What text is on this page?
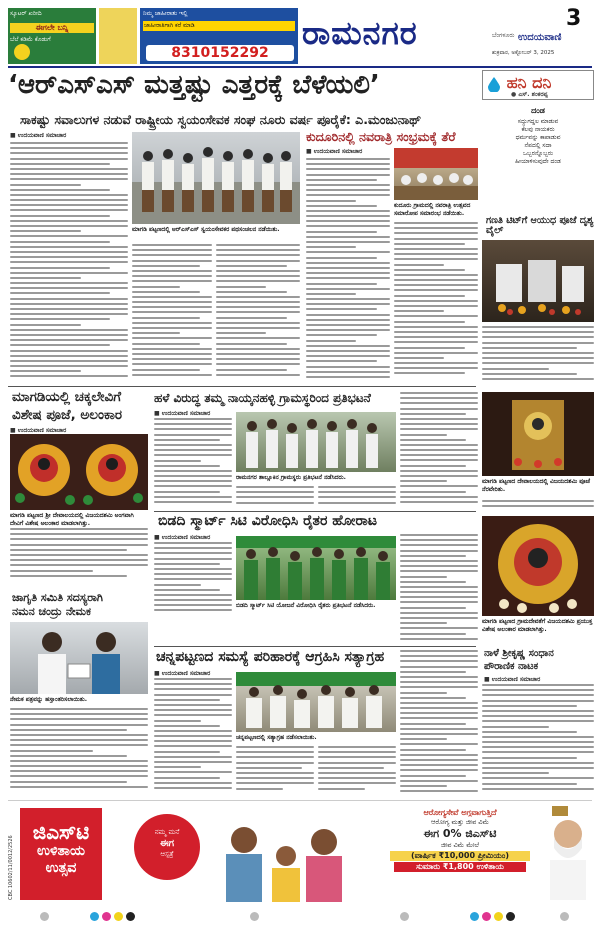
ಸ್ಕೂಟರ್ ಖರೀದಿ
ಈಗಲೇ ಬನ್ನಿ
ಬೆಲೆ ಕಡಿಮೆ ಕೊಡುಗೆ
ನಿಮ್ಮ ಜಾಹೀರಾತು ಇಲ್ಲಿ
ಜಾಹೀರಾತಿಗಾಗಿ ಕರೆ ಮಾಡಿ
8310152292
ರಾಮನಗರ	ಬೆಂಗಳೂರು
3
ಉದಯವಾಣಿ
ಶುಕ್ರವಾರ, ಅಕ್ಟೋಬರ್ 3, 2025
‘ಆರ್‌ಎಸ್‌ಎಸ್ ಮತ್ತಷ್ಟು ಎತ್ತರಕ್ಕೆ ಬೆಳೆಯಲಿ’
ಸಾಕಷ್ಟು ಸವಾಲುಗಳ ನಡುವೆ ರಾಷ್ಟ್ರೀಯ ಸ್ವಯಂಸೇವಕ ಸಂಘ ನೂರು ವರ್ಷ ಪೂರೈಕೆ: ಎ.ಮಂಜುನಾಥ್
■ ಉದಯವಾಣಿ ಸಮಾಚಾರ
ಮಾಗಡಿ ಪಟ್ಟಣದಲ್ಲಿ ಆರ್‌ಎಸ್‌ಎಸ್ ಸ್ವಯಂಸೇವಕರ ಪಥಸಂಚಲನ ನಡೆಯಿತು.
ಕುದೂರಿನಲ್ಲಿ ನವರಾತ್ರಿ ಸಂಭ್ರಮಕ್ಕೆ ತೆರೆ
■ ಉದಯವಾಣಿ ಸಮಾಚಾರ
ಕುದೂರು ಗ್ರಾಮದಲ್ಲಿ ನವರಾತ್ರಿ ಉತ್ಸವದ ಸಮಾರೋಪ ಸಮಾರಂಭ ನಡೆಯಿತು.
ಹನಿ ದನಿ
● ಎಸ್. ಶಂಕರಪ್ಪ
ದಂಡ
ಸದ್ದುಗದ್ದಲ ಮಾಡುವ
ಕೆಲವು ನಾಯಕರು
ಧರ್ಮವನ್ನು ಕಾಪಾಡುವ
ನೆಪದಲ್ಲಿ ಸದಾ
ಒಬ್ಬರನ್ನೊಬ್ಬರು
ಹೀಯಾಳಿಸುವುದೇ ದಂಡ
ಗಣತಿ ಟಿಟ್‌ಗೆ ಆಯುಧ ಪೂಜೆ ದೃಶ್ಯ ವೈಲ್
ಮಾಗಡಿಯಲ್ಲಿ ಚಕ್ಕಲೇವಿಗೆ
ವಿಶೇಷ ಪೂಜೆ, ಅಲಂಕಾರ
■ ಉದಯವಾಣಿ ಸಮಾಚಾರ
ಮಾಗಡಿ ಪಟ್ಟಣದ ಶ್ರೀ ದೇವಾಲಯದಲ್ಲಿ ವಿಜಯದಶಮಿ ಅಂಗವಾಗಿ ದೇವಿಗೆ ವಿಶೇಷ ಅಲಂಕಾರ ಮಾಡಲಾಗಿತ್ತು.
ಜಾಗೃತಿ ಸಮಿತಿ ಸದಸ್ಯರಾಗಿ
ನಮನ ಚಂದ್ರು ನೇಮಕ
ನೇಮಕ ಪತ್ರವನ್ನು ಹಸ್ತಾಂತರಿಸಲಾಯಿತು.
ಹಳೆ ವಿರುದ್ಧ ತಮ್ಮ ನಾಯ್ಕನಹಳ್ಳಿ ಗ್ರಾಮಸ್ಥರಿಂದ ಪ್ರತಿಭಟನೆ
■ ಉದಯವಾಣಿ ಸಮಾಚಾರ
ರಾಮನಗರ ತಾಲ್ಲೂಕಿನ ಗ್ರಾಮಸ್ಥರು ಪ್ರತಿಭಟನೆ ನಡೆಸಿದರು.
ಮಾಗಡಿ ಪಟ್ಟಣದ ದೇವಾಲಯದಲ್ಲಿ ವಿಜಯದಶಮಿ ಪೂಜೆ ನೆರವೇರಿತು.
ಬಿಡದಿ ಸ್ಮಾರ್ಟ್ ಸಿಟಿ ವಿರೋಧಿಸಿ ರೈತರ ಹೋರಾಟ
■ ಉದಯವಾಣಿ ಸಮಾಚಾರ
ಬಿಡದಿ ಸ್ಮಾರ್ಟ್ ಸಿಟಿ ಯೋಜನೆ ವಿರೋಧಿಸಿ ರೈತರು ಪ್ರತಿಭಟನೆ ನಡೆಸಿದರು.
ಮಾಗಡಿ ಪಟ್ಟಣದ ಗ್ರಾಮದೇವತೆಗೆ ವಿಜಯದಶಮಿ ಪ್ರಯುಕ್ತ ವಿಶೇಷ ಅಲಂಕಾರ ಮಾಡಲಾಗಿತ್ತು.
ಚನ್ನಪಟ್ಟಣದ ಸಮಸ್ಯೆ ಪರಿಹಾರಕ್ಕೆ ಆಗ್ರಹಿಸಿ ಸತ್ಯಾಗ್ರಹ
■ ಉದಯವಾಣಿ ಸಮಾಚಾರ
ಚನ್ನಪಟ್ಟಣದಲ್ಲಿ ಸತ್ಯಾಗ್ರಹ ನಡೆಸಲಾಯಿತು.
ನಾಳೆ ಶ್ರೀಕೃಷ್ಣ ಸಂಧಾನ
ಪೌರಾಣಿಕ ನಾಟಕ
■ ಉದಯವಾಣಿ ಸಮಾಚಾರ
CBC 10602/11/0012/2526
ಜಿಎಸ್‌ಟಿ
ಉಳಿತಾಯ
ಉತ್ಸವ
ನಮ್ಮ ಮನೆ
ಈಗ
ಆಸ್ಪತ್ರೆ
ಆರೋಗ್ಯಸೇವೆ ಅಗ್ಗವಾಗುತ್ತಿದೆ
ಆರೋಗ್ಯ ಮತ್ತು ಜೀವ ವಿಮೆ
ಈಗ 0% ಜಿಎಸ್‌ಟಿ
ಜೀವ ವಿಮೆ ಮೇಲೆ
(ವಾರ್ಷಿಕ ₹10,000 ಪ್ರೀಮಿಯಂ)
ಸುಮಾರು ₹1,800 ಉಳಿತಾಯ
